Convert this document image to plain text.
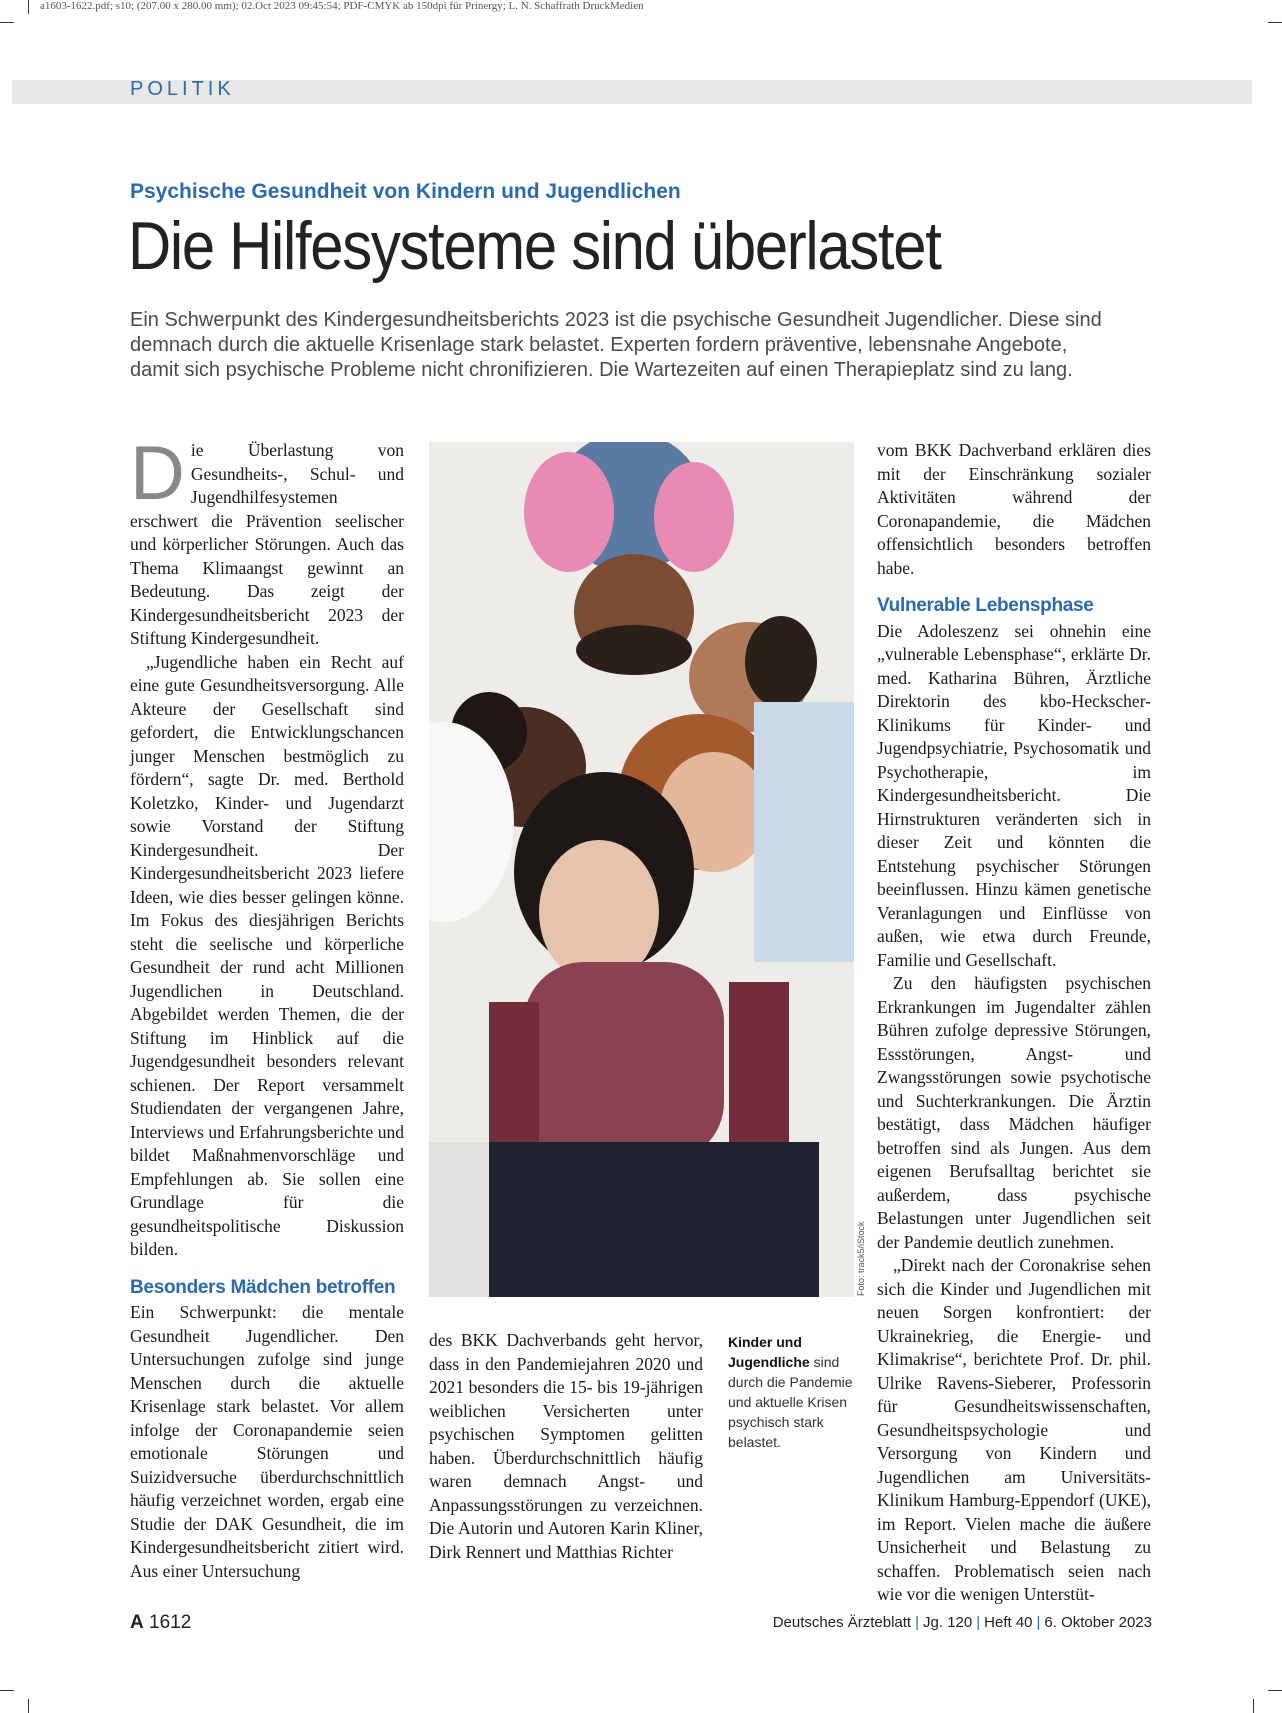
a1603-1622.pdf; s10; (207.00 x 280.00 mm); 02.Oct 2023 09:45:54; PDF-CMYK ab 150dpi für Prinergy; L. N. Schaffrath DruckMedien
POLITIK
Psychische Gesundheit von Kindern und Jugendlichen
Die Hilfesysteme sind überlastet

Ein Schwerpunkt des Kindergesundheitsberichts 2023 ist die psychische Gesundheit Jugendlicher. Diese sind

demnach durch die aktuelle Krisenlage stark belastet. Experten fordern präventive, lebensnahe Angebote,

damit sich psychische Probleme nicht chronifizieren. Die Wartezeiten auf einen Therapieplatz sind zu lang.

Die Überlastung von Gesundheits-, Schul- und Jugendhilfesystemen erschwert die Prävention seelischer und körperlicher Störungen. Auch das Thema Klimaangst gewinnt an Bedeutung. Das zeigt der Kindergesundheitsbericht 2023 der Stiftung Kindergesundheit.

„Jugendliche haben ein Recht auf eine gute Gesundheitsversorgung. Alle Akteure der Gesellschaft sind gefordert, die Entwicklungschancen junger Menschen bestmöglich zu fördern“, sagte Dr. med. Berthold Koletzko, Kinder- und Jugendarzt sowie Vorstand der Stiftung Kindergesundheit. Der Kindergesundheitsbericht 2023 liefere Ideen, wie dies besser gelingen könne. Im Fokus des diesjährigen Berichts steht die seelische und körperliche Gesundheit der rund acht Millionen Jugendlichen in Deutschland. Abgebildet werden Themen, die der Stiftung im Hinblick auf die Jugendgesundheit besonders relevant schienen. Der Report versammelt Studiendaten der vergangenen Jahre, Interviews und Erfahrungsberichte und bildet Maßnahmenvorschläge und Empfehlungen ab. Sie sollen eine Grundlage für die gesundheitspolitische Diskussion bilden.

Besonders Mädchen betroffen

Ein Schwerpunkt: die mentale Gesundheit Jugendlicher. Den Untersuchungen zufolge sind junge Menschen durch die aktuelle Krisenlage stark belastet. Vor allem infolge der Coronapandemie seien emotionale Störungen und Suizidversuche überdurchschnittlich häufig verzeichnet worden, ergab eine Studie der DAK Gesundheit, die im Kindergesundheitsbericht zitiert wird. Aus einer Untersuchung

Foto: track5/iStock

des BKK Dachverbands geht hervor, dass in den Pandemiejahren 2020 und 2021 besonders die 15- bis 19-jährigen weiblichen Versicherten unter psychischen Symptomen gelitten haben. Überdurchschnittlich häufig waren demnach Angst- und Anpassungsstörungen zu verzeichnen. Die Autorin und Autoren Karin Kliner, Dirk Rennert und Matthias Richter

Kinder und Jugendliche sind durch die Pandemie und aktuelle Krisen psychisch stark belastet.

vom BKK Dachverband erklären dies mit der Einschränkung sozialer Aktivitäten während der Coronapandemie, die Mädchen offensichtlich besonders betroffen habe.

Vulnerable Lebensphase

Die Adoleszenz sei ohnehin eine „vulnerable Lebensphase“, erklärte Dr. med. Katharina Bühren, Ärztliche Direktorin des kbo-Heckscher-Klinikums für Kinder- und Jugendpsychiatrie, Psychosomatik und Psychotherapie, im Kindergesundheitsbericht. Die Hirnstrukturen veränderten sich in dieser Zeit und könnten die Entstehung psychischer Störungen beeinflussen. Hinzu kämen genetische Veranlagungen und Einflüsse von außen, wie etwa durch Freunde, Familie und Gesellschaft.

Zu den häufigsten psychischen Erkrankungen im Jugendalter zählen Bühren zufolge depressive Störungen, Essstörungen, Angst- und Zwangsstörungen sowie psychotische und Suchterkrankungen. Die Ärztin bestätigt, dass Mädchen häufiger betroffen sind als Jungen. Aus dem eigenen Berufsalltag berichtet sie außerdem, dass psychische Belastungen unter Jugendlichen seit der Pandemie deutlich zunehmen.

„Direkt nach der Coronakrise sehen sich die Kinder und Jugendlichen mit neuen Sorgen konfrontiert: der Ukrainekrieg, die Energie- und Klimakrise“, berichtete Prof. Dr. phil. Ulrike Ravens-Sieberer, Professorin für Gesundheitswissenschaften, Gesundheitspsychologie und Versorgung von Kindern und Jugendlichen am Universitäts-Klinikum Hamburg-Eppendorf (UKE), im Report. Vielen mache die äußere Unsicherheit und Belastung zu schaffen. Problematisch seien nach wie vor die wenigen Unterstüt-

A 1612	Deutsches Ärzteblatt | Jg. 120 | Heft 40 | 6. Oktober 2023
